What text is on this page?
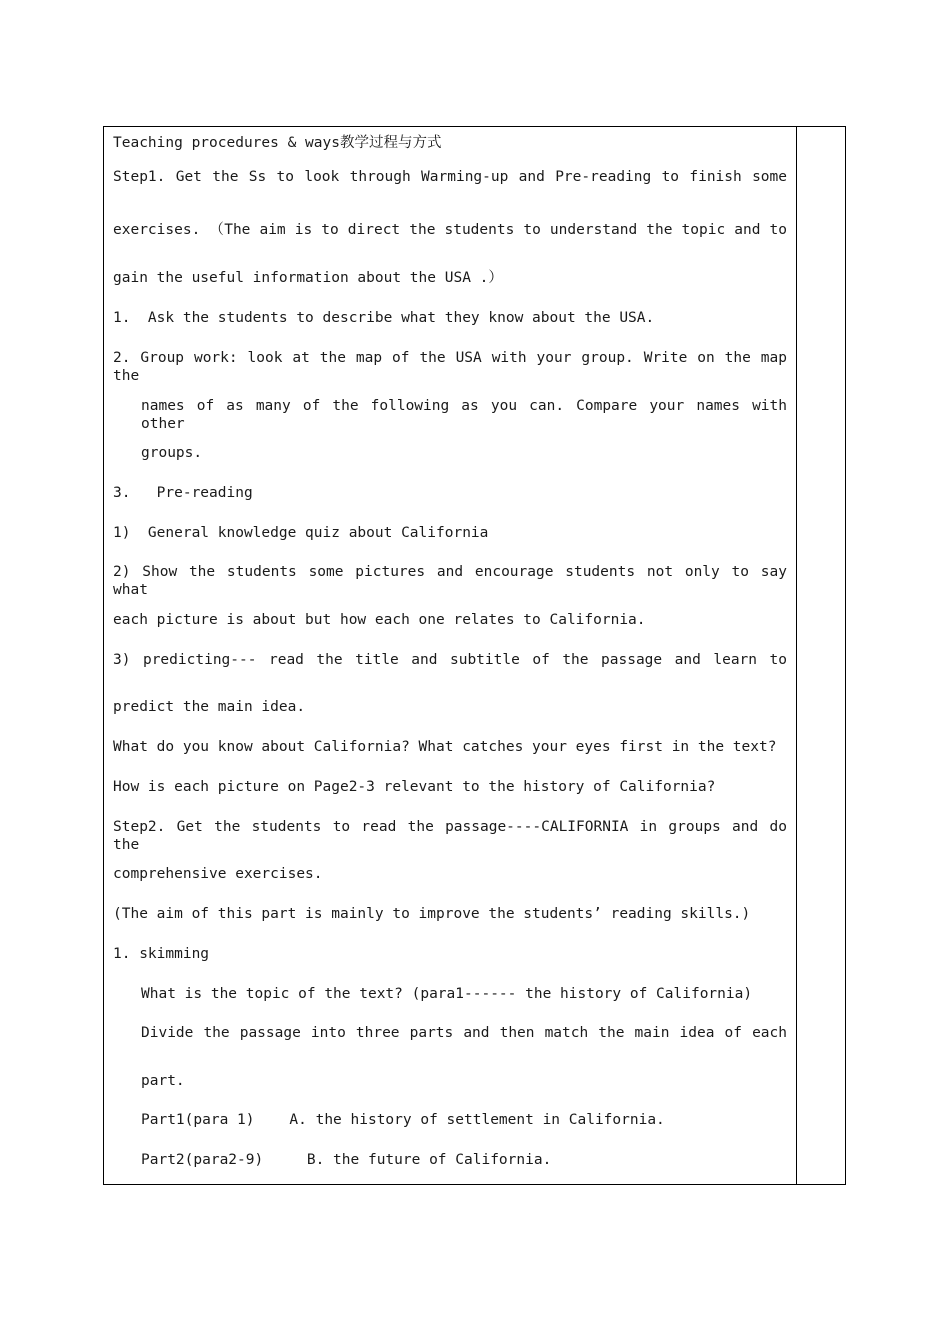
Teaching procedures & ways教学过程与方式
Step1. Get the Ss to look through Warming-up and Pre-reading to finish some
exercises. （The aim is to direct the students to understand the topic and to
gain the useful information about the USA .）
1.  Ask the students to describe what they know about the USA.
2. Group work: look at the map of the USA with your group. Write on the map the
names of as many of the following as you can. Compare your names with other
groups.
3.   Pre-reading
1)  General knowledge quiz about California
2) Show the students some pictures and encourage students not only to say what
each picture is about but how each one relates to California.
3) predicting--- read the title and subtitle of the passage and learn to
predict the main idea.
What do you know about California? What catches your eyes first in the text?
How is each picture on Page2-3 relevant to the history of California?
Step2. Get the students to read the passage----CALIFORNIA in groups and do the
comprehensive exercises.
(The aim of this part is mainly to improve the students’ reading skills.)
1. skimming
What is the topic of the text? (para1------ the history of California)
Divide the passage into three parts and then match the main idea of each
part.
Part1(para 1)    A. the history of settlement in California.
Part2(para2-9)     B. the future of California.
